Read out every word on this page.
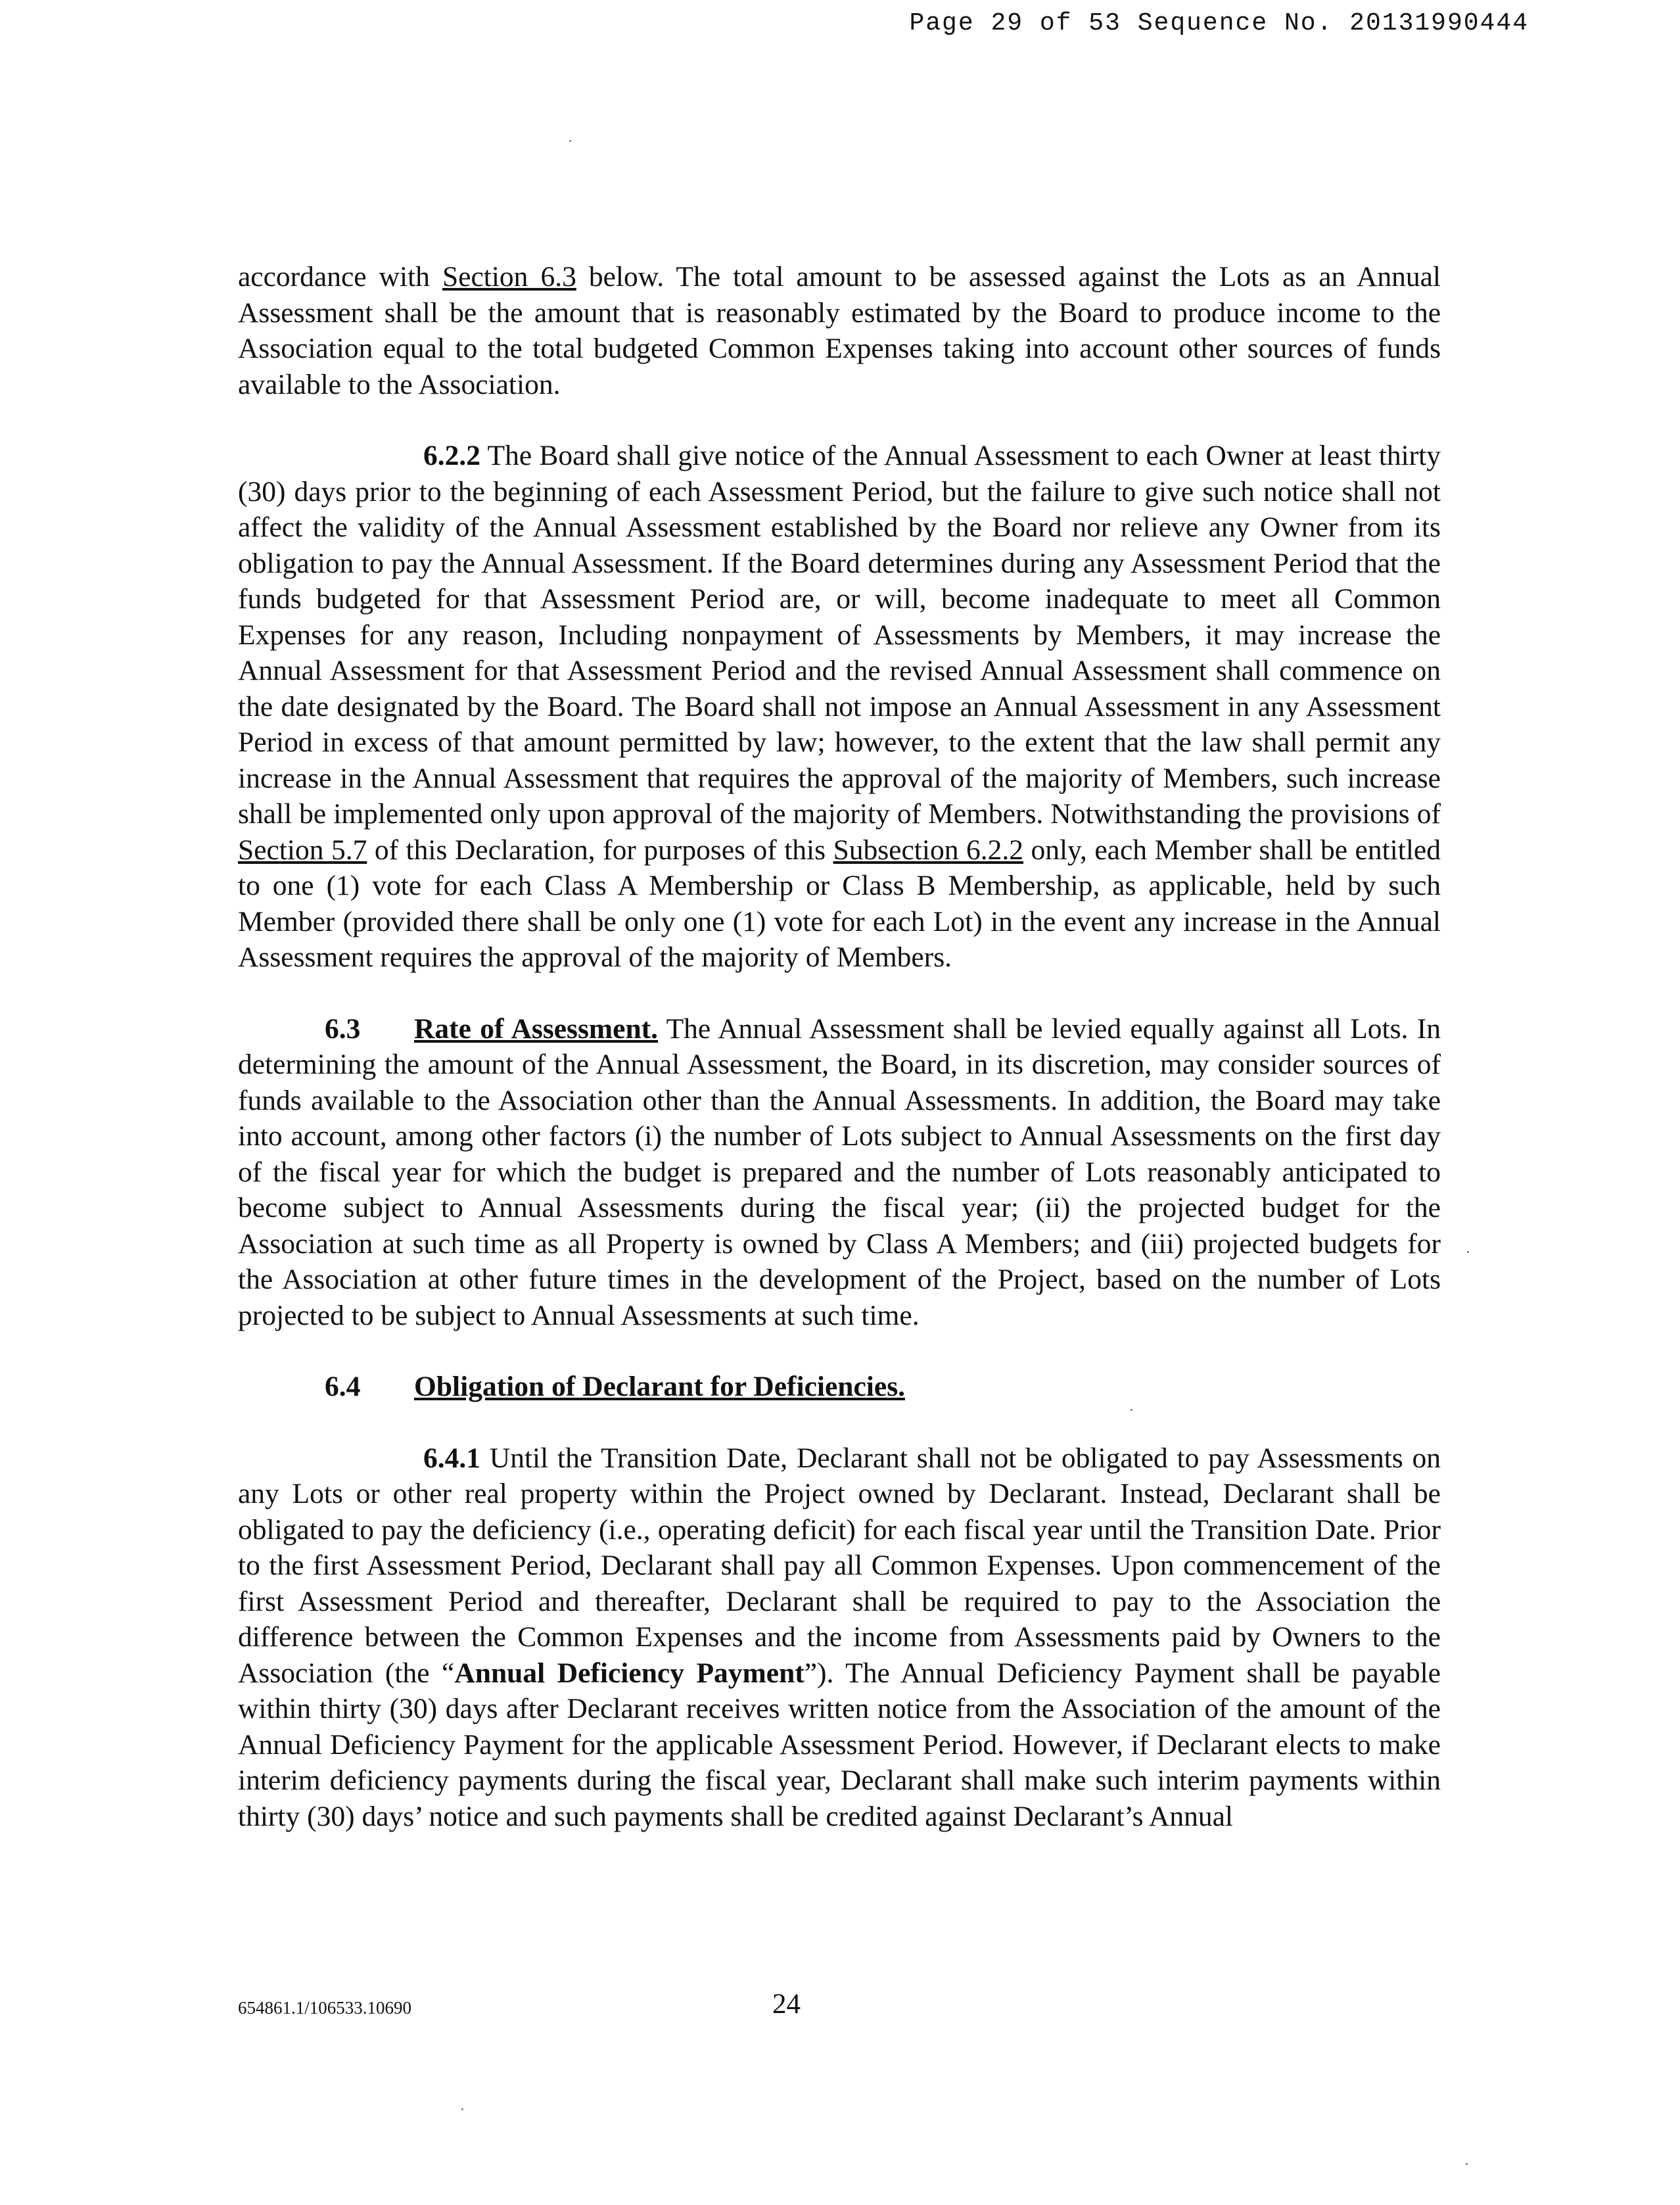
Page 29 of 53 Sequence No. 20131990444

accordance with Section 6.3 below. The total amount to be assessed against the Lots as an Annual Assessment shall be the amount that is reasonably estimated by the Board to produce income to the Association equal to the total budgeted Common Expenses taking into account other sources of funds available to the Association.

6.2.2 The Board shall give notice of the Annual Assessment to each Owner at least thirty (30) days prior to the beginning of each Assessment Period, but the failure to give such notice shall not affect the validity of the Annual Assessment established by the Board nor relieve any Owner from its obligation to pay the Annual Assessment. If the Board determines during any Assessment Period that the funds budgeted for that Assessment Period are, or will, become inadequate to meet all Common Expenses for any reason, Including nonpayment of Assessments by Members, it may increase the Annual Assessment for that Assessment Period and the revised Annual Assessment shall commence on the date designated by the Board. The Board shall not impose an Annual Assessment in any Assessment Period in excess of that amount permitted by law; however, to the extent that the law shall permit any increase in the Annual Assessment that requires the approval of the majority of Members, such increase shall be implemented only upon approval of the majority of Members. Notwithstanding the provisions of Section 5.7 of this Declaration, for purposes of this Subsection 6.2.2 only, each Member shall be entitled to one (1) vote for each Class A Membership or Class B Membership, as applicable, held by such Member (provided there shall be only one (1) vote for each Lot) in the event any increase in the Annual Assessment requires the approval of the majority of Members.

6.3 Rate of Assessment. The Annual Assessment shall be levied equally against all Lots. In determining the amount of the Annual Assessment, the Board, in its discretion, may consider sources of funds available to the Association other than the Annual Assessments. In addition, the Board may take into account, among other factors (i) the number of Lots subject to Annual Assessments on the first day of the fiscal year for which the budget is prepared and the number of Lots reasonably anticipated to become subject to Annual Assessments during the fiscal year; (ii) the projected budget for the Association at such time as all Property is owned by Class A Members; and (iii) projected budgets for the Association at other future times in the development of the Project, based on the number of Lots projected to be subject to Annual Assessments at such time.

6.4 Obligation of Declarant for Deficiencies.

6.4.1 Until the Transition Date, Declarant shall not be obligated to pay Assessments on any Lots or other real property within the Project owned by Declarant. Instead, Declarant shall be obligated to pay the deficiency (i.e., operating deficit) for each fiscal year until the Transition Date. Prior to the first Assessment Period, Declarant shall pay all Common Expenses. Upon commencement of the first Assessment Period and thereafter, Declarant shall be required to pay to the Association the difference between the Common Expenses and the income from Assessments paid by Owners to the Association (the “Annual Deficiency Payment”). The Annual Deficiency Payment shall be payable within thirty (30) days after Declarant receives written notice from the Association of the amount of the Annual Deficiency Payment for the applicable Assessment Period. However, if Declarant elects to make interim deficiency payments during the fiscal year, Declarant shall make such interim payments within thirty (30) days’ notice and such payments shall be credited against Declarant’s Annual

654861.1/106533.10690	24
